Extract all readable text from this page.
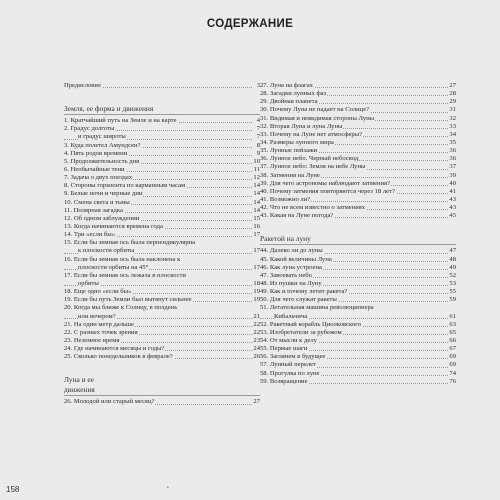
СОДЕРЖАНИЕ
Предисловие	3
Земля, ее форма и движения
1. Кратчайший путь на Земле и на карте	4
2. Градус долготы	7
и градус широты	7
3. Куда полетел Амундсен?	8
4. Пять родов времени	9
5. Продолжительность дня	10
6. Необычайные тени	11
7. Задача о двух поездах	12
8. Стороны горизонта по карманным часам	14
9. Белые ночи и черные дни	14
10. Смена света и тьмы	14
11. Полярная загадка	14
12. Об одном заблуждении	15
13. Когда начинаются времена года	16
14. Три «если бы»	17
15. Если бы земная ось была перпендикулярна
к плоскости орбиты	17
16. Если бы земная ось была наклонена к
плоскости орбиты на 45°	17
17. Если бы земная ось лежала в плоскости
орбиты	18
18. Еще одно «если бы»	19
19. Если бы путь Земли был вытянут сильнее	19
20. Когда мы ближе к Солнцу, в полдень
или вечером?	21
21. На один метр дальше	22
22. С разных точек зрения	22
23. Неземное время	23
24. Где начинаются месяцы и годы?	24
25. Сколько понедельников в феврале?	26
Луна и ее
движения
26. Молодой или старый месяц?	27
27. Луна на флагах	27
28. Загадки лунных фаз	28
29. Двойная планета	29
30. Почему Луна не падает на Солнце?	31
31. Видимая и невидимая стороны Луны	32
32. Вторая Луна и луна Луны	33
33. Почему на Луне нет атмосферы?	34
34. Размеры лунного мира	35
35. Лунные пейзажи	36
36. Лунное небо. Черный небосвод	36
37. Лунное небо: Земля на небе Луны	37
38. Затмения на Луне	39
39. Для чего астрономы наблюдают затмения?	40
40. Почему затмения повторяются через 18 лет?	41
41. Возможно ли?	43
42. Что не всем известно о затмениях	43
43. Какая на Луне погода?	45
Ракетой на луну
44. Далеко ли до луны	47
45. Какой величины Луна	48
46. Как луна устроена	49
47. Завоевать небо	52
48. Из пушки на Луну	53
49. Как и почему летит ракета?	55
50. Для чего служат ракеты	59
51. Летательная машина революционера
Кибальчича	61
52. Ракетный корабль Циолковского	63
53. Изобретатели за рубежом	65
54. От мысли к делу	66
55. Первые шаги	67
56. Заглянем в будущее	69
57. Лунный перелет	69
58. Прогулка по луне	74
59. Возвращение	76
158	•
